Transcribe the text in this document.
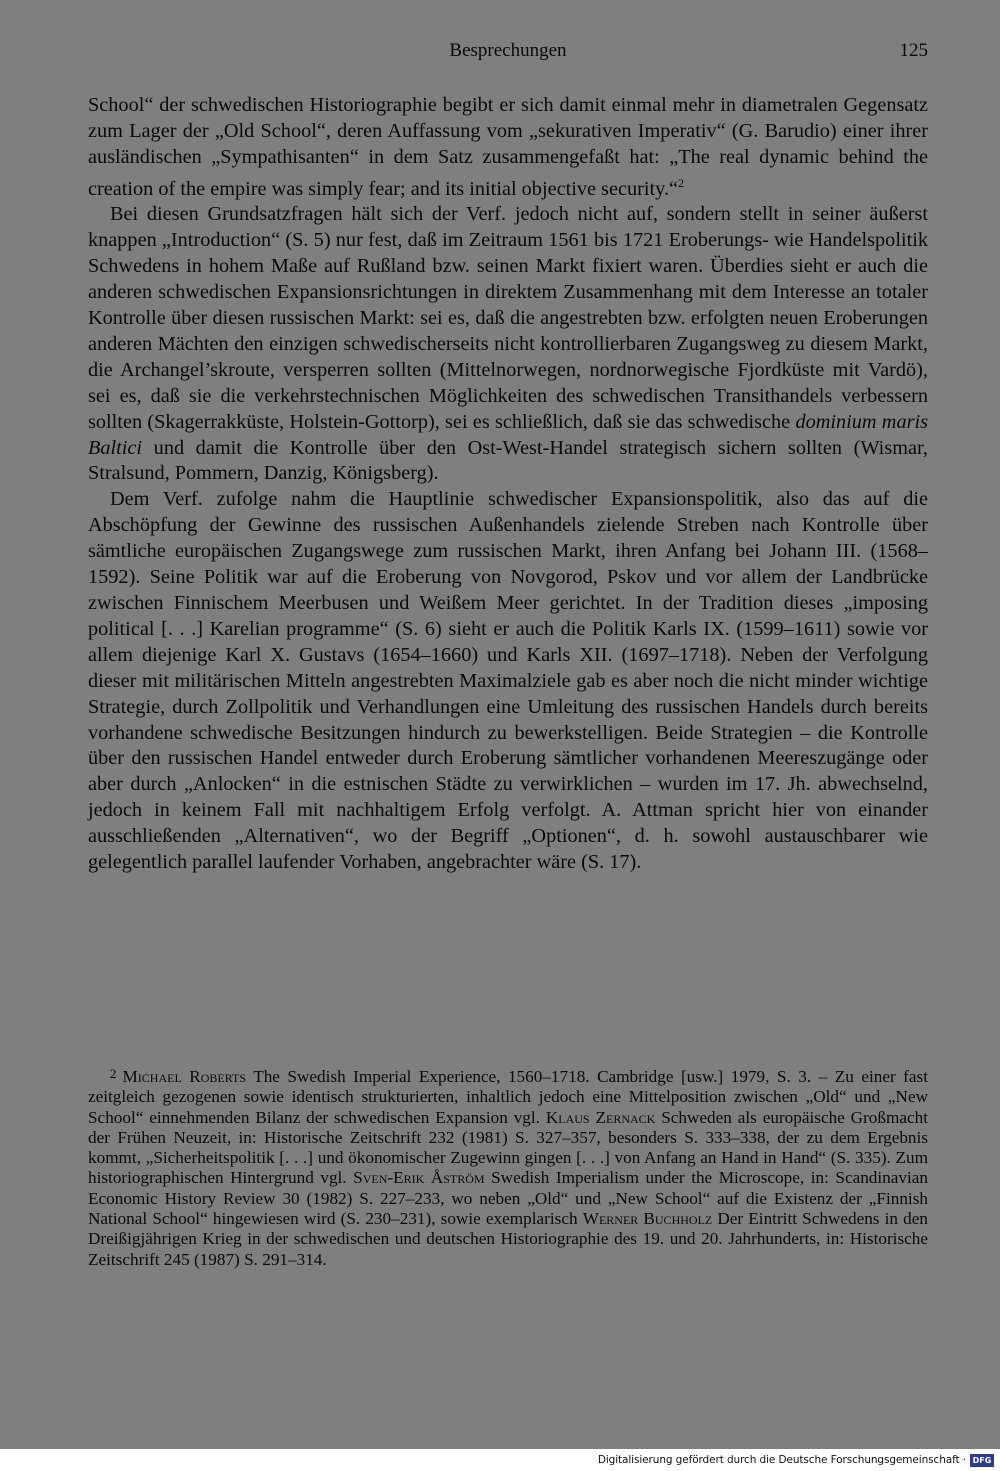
Besprechungen	125

School“ der schwedischen Historiographie begibt er sich damit einmal mehr in diametralen Gegensatz zum Lager der „Old School“, deren Auffassung vom „sekurativen Imperativ“ (G. Barudio) einer ihrer ausländischen „Sympathisanten“ in dem Satz zusammengefaßt hat: „The real dynamic behind the creation of the empire was simply fear; and its initial objective security.“$^2$

Bei diesen Grundsatzfragen hält sich der Verf. jedoch nicht auf, sondern stellt in seiner äußerst knappen „Introduction“ (S. 5) nur fest, daß im Zeitraum 1561 bis 1721 Eroberungs- wie Handelspolitik Schwedens in hohem Maße auf Rußland bzw. seinen Markt fixiert waren. Überdies sieht er auch die anderen schwedischen Expansionsrichtungen in direktem Zusammenhang mit dem Interesse an totaler Kontrolle über diesen russischen Markt: sei es, daß die angestrebten bzw. erfolgten neuen Eroberungen anderen Mächten den einzigen schwedischerseits nicht kontrollierbaren Zugangsweg zu diesem Markt, die Archangel’skroute, versperren sollten (Mittelnorwegen, nordnorwegische Fjordküste mit Vardö), sei es, daß sie die verkehrstechnischen Möglichkeiten des schwedischen Transithandels verbessern sollten (Skagerrakküste, Holstein-Gottorp), sei es schließlich, daß sie das schwedische dominium maris Baltici und damit die Kontrolle über den Ost-West-Handel strategisch sichern sollten (Wismar, Stralsund, Pommern, Danzig, Königsberg).

Dem Verf. zufolge nahm die Hauptlinie schwedischer Expansionspolitik, also das auf die Abschöpfung der Gewinne des russischen Außenhandels zielende Streben nach Kontrolle über sämtliche europäischen Zugangswege zum russischen Markt, ihren Anfang bei Johann III. (1568–1592). Seine Politik war auf die Eroberung von Novgorod, Pskov und vor allem der Landbrücke zwischen Finnischem Meerbusen und Weißem Meer gerichtet. In der Tradition dieses „imposing political [. . .] Karelian programme“ (S. 6) sieht er auch die Politik Karls IX. (1599–1611) sowie vor allem diejenige Karl X. Gustavs (1654–1660) und Karls XII. (1697–1718). Neben der Verfolgung dieser mit militärischen Mitteln angestrebten Maximalziele gab es aber noch die nicht minder wichtige Strategie, durch Zollpolitik und Verhandlungen eine Umleitung des russischen Handels durch bereits vorhandene schwedische Besitzungen hindurch zu bewerkstelligen. Beide Strategien – die Kontrolle über den russischen Handel entweder durch Eroberung sämtlicher vorhandenen Meereszugänge oder aber durch „Anlocken“ in die estnischen Städte zu verwirklichen – wurden im 17. Jh. abwechselnd, jedoch in keinem Fall mit nachhaltigem Erfolg verfolgt. A. Attman spricht hier von einander ausschließenden „Alternativen“, wo der Begriff „Optionen“, d. h. sowohl austauschbarer wie gelegentlich parallel laufender Vorhaben, angebrachter wäre (S. 17).

$^2$ Michael Roberts The Swedish Imperial Experience, 1560–1718. Cambridge [usw.] 1979, S. 3. – Zu einer fast zeitgleich gezogenen sowie identisch strukturierten, inhaltlich jedoch eine Mittelposition zwischen „Old“ und „New School“ einnehmenden Bilanz der schwedischen Expansion vgl. Klaus Zernack Schweden als europäische Großmacht der Frühen Neuzeit, in: Historische Zeitschrift 232 (1981) S. 327–357, besonders S. 333–338, der zu dem Ergebnis kommt, „Sicherheitspolitik [. . .] und ökonomischer Zugewinn gingen [. . .] von Anfang an Hand in Hand“ (S. 335). Zum historiographischen Hintergrund vgl. Sven-Erik Åström Swedish Imperialism under the Microscope, in: Scandinavian Economic History Review 30 (1982) S. 227–233, wo neben „Old“ und „New School“ auf die Existenz der „Finnish National School“ hingewiesen wird (S. 230–231), sowie exemplarisch Werner Buchholz Der Eintritt Schwedens in den Dreißigjährigen Krieg in der schwedischen und deutschen Historiographie des 19. und 20. Jahrhunderts, in: Historische Zeitschrift 245 (1987) S. 291–314.
Digitalisierung gefördert durch die Deutsche Forschungsgemeinschaft · DFG
